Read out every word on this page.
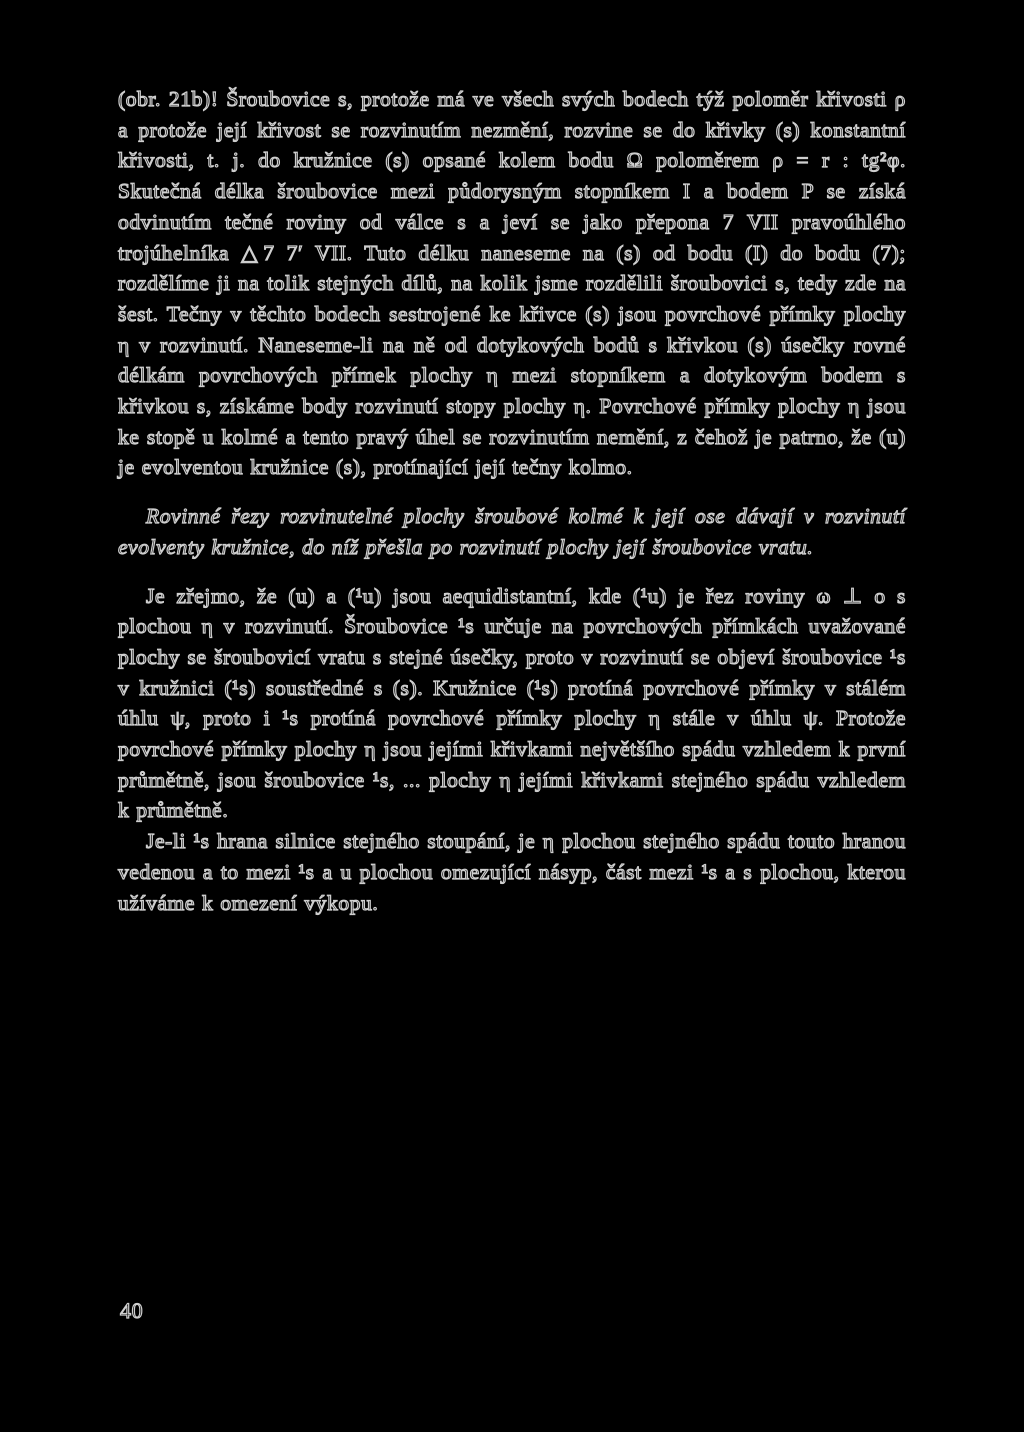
(obr. 21b)! Šroubovice s, protože má ve všech svých bodech týž poloměr křivosti ρ a protože její křivost se rozvinutím nezmění, rozvine se do křivky (s) konstantní křivosti, t. j. do kružnice (s) opsané kolem bodu Ω poloměrem ρ = r : tg²φ. Skutečná délka šroubovice mezi půdorysným stopníkem I a bodem P se získá odvinutím tečné roviny od válce s a jeví se jako přepona 7 VII pravoúhlého trojúhelníka △7 7′ VII. Tuto délku naneseme na (s) od bodu (I) do bodu (7); rozdělíme ji na tolik stejných dílů, na kolik jsme rozdělili šroubovici s, tedy zde na šest. Tečny v těchto bodech sestrojené ke křivce (s) jsou povrchové přímky plochy η v rozvinutí. Naneseme-li na ně od dotykových bodů s křivkou (s) úsečky rovné délkám povrchových přímek plochy η mezi stopníkem a dotykovým bodem s křivkou s, získáme body rozvinutí stopy plochy η. Povrchové přímky plochy η jsou ke stopě u kolmé a tento pravý úhel se rozvinutím nemění, z čehož je patrno, že (u) je evolventou kružnice (s), protínající její tečny kolmo.

Rovinné řezy rozvinutelné plochy šroubové kolmé k její ose dávají v rozvinutí evolventy kružnice, do níž přešla po rozvinutí plochy její šroubovice vratu.

Je zřejmo, že (u) a (¹u) jsou aequidistantní, kde (¹u) je řez roviny ω ⊥ o s plochou η v rozvinutí. Šroubovice ¹s určuje na povrchových přímkách uvažované plochy se šroubovicí vratu s stejné úsečky, proto v rozvinutí se objeví šroubovice ¹s v kružnici (¹s) soustředné s (s). Kružnice (¹s) protíná povrchové přímky v stálém úhlu ψ, proto i ¹s protíná povrchové přímky plochy η stále v úhlu ψ. Protože povrchové přímky plochy η jsou jejími křivkami největšího spádu vzhledem k první průmětně, jsou šroubovice ¹s, ... plochy η jejími křivkami stejného spádu vzhledem k průmětně.

Je-li ¹s hrana silnice stejného stoupání, je η plochou stejného spádu touto hranou vedenou a to mezi ¹s a u plochou omezující násyp, část mezi ¹s a s plochou, kterou užíváme k omezení výkopu.

40
